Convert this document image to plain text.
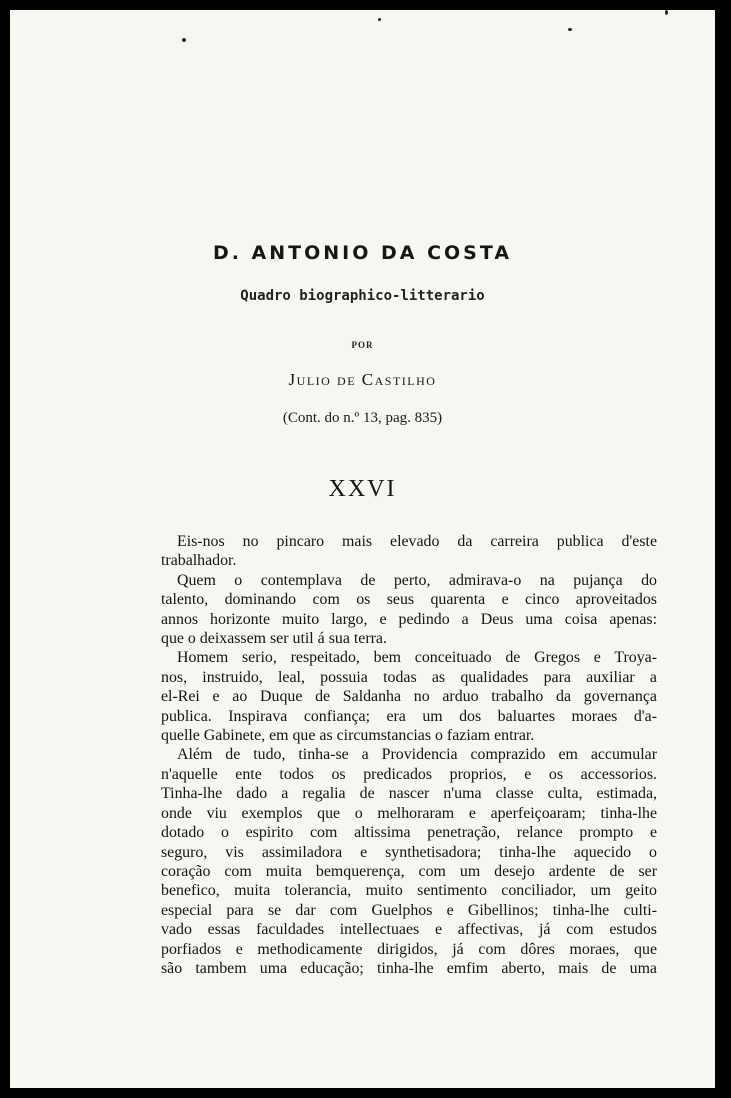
D. ANTONIO DA COSTA
Quadro biographico-litterario
POR
Julio de Castilho
(Cont. do n.º 13, pag. 835)
XXVI

Eis-nos no pincaro mais elevado da carreira publica d'este
trabalhador.

Quem o contemplava de perto, admirava-o na pujança do
talento, dominando com os seus quarenta e cinco aproveitados
annos horizonte muito largo, e pedindo a Deus uma coisa apenas:
que o deixassem ser util á sua terra.

Homem serio, respeitado, bem conceituado de Gregos e Troya-
nos, instruido, leal, possuia todas as qualidades para auxiliar a
el-Rei e ao Duque de Saldanha no arduo trabalho da governança
publica. Inspirava confiança; era um dos baluartes moraes d'a-
quelle Gabinete, em que as circumstancias o faziam entrar.

Além de tudo, tinha-se a Providencia comprazido em accumular
n'aquelle ente todos os predicados proprios, e os accessorios.
Tinha-lhe dado a regalia de nascer n'uma classe culta, estimada,
onde viu exemplos que o melhoraram e aperfeiçoaram; tinha-lhe
dotado o espirito com altissima penetração, relance prompto e
seguro, vis assimiladora e synthetisadora; tinha-lhe aquecido o
coração com muita bemquerença, com um desejo ardente de ser
benefico, muita tolerancia, muito sentimento conciliador, um geito
especial para se dar com Guelphos e Gibellinos; tinha-lhe culti-
vado essas faculdades intellectuaes e affectivas, já com estudos
porfiados e methodicamente dirigidos, já com dôres moraes, que
são tambem uma educação; tinha-lhe emfim aberto, mais de uma
